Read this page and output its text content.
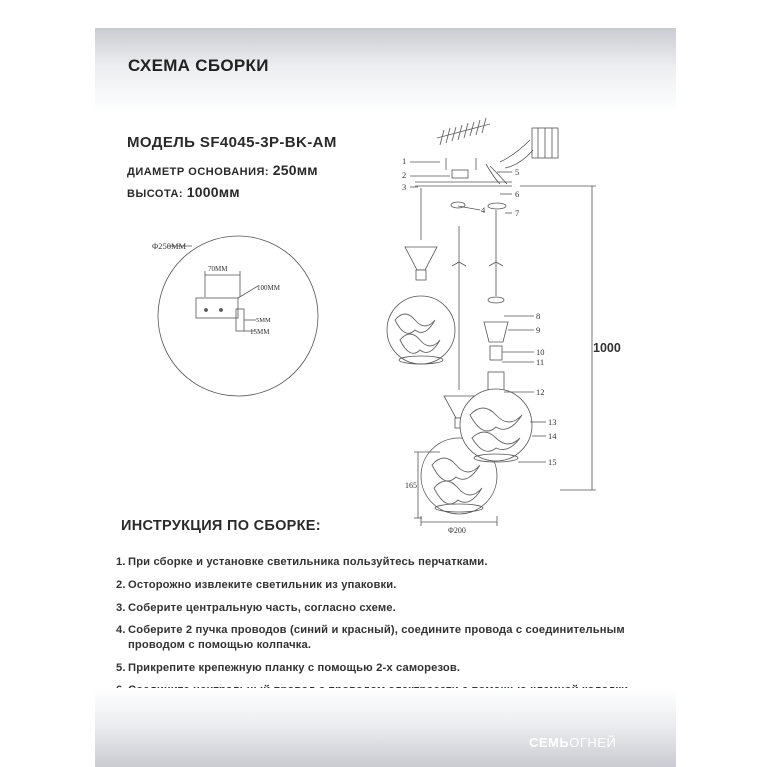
СХЕМА СБОРКИ
МОДЕЛЬ SF4045-3P-BK-AM
ДИАМЕТР ОСНОВАНИЯ: 250мм
ВЫСОТА: 1000мм
Φ250MM
70MM
100MM
5MM
15MM
1
2
3
4
5
6
7
8
9
10
11
12
13
14
15
1000
165
Φ200
ИНСТРУКЦИЯ ПО СБОРКЕ:
1. При сборке и установке светильника пользуйтесь перчатками.
2. Осторожно извлеките светильник из упаковки.
3. Соберите центральную часть, согласно схеме.
4. Соберите 2 пучка проводов (синий и красный), соедините провода с соединительным
проводом с помощью колпачка.
5. Прикрепите крепежную планку с помощью 2-х саморезов.
СЕМЬОГНЕЙ
